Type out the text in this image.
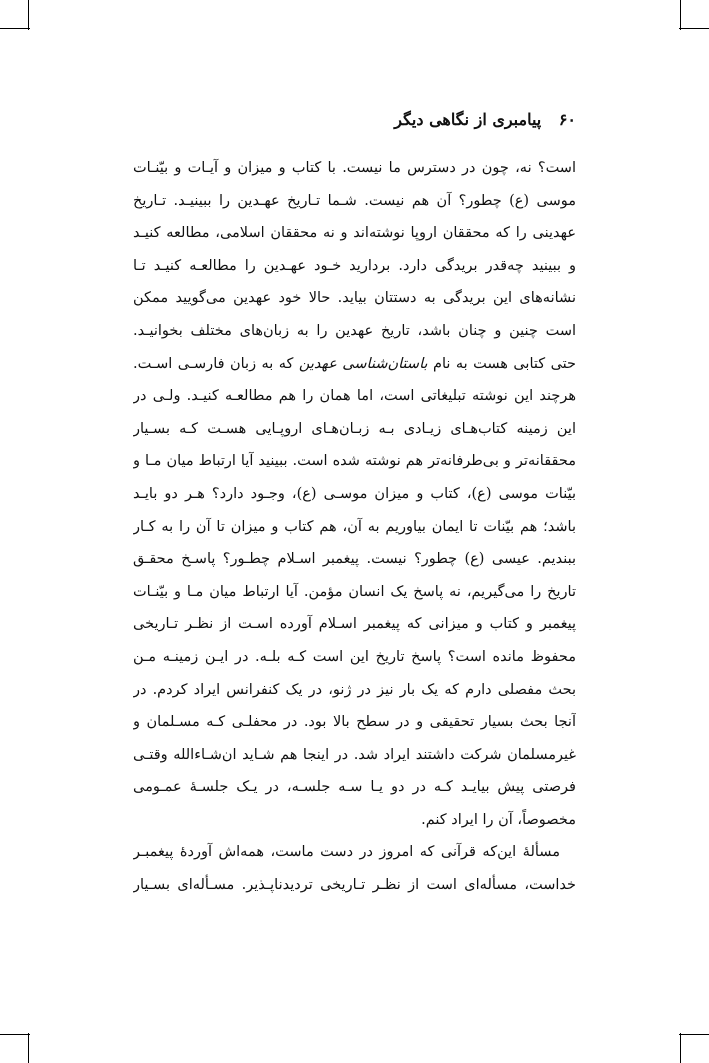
۶۰ پیامبری از نگاهی دیگر
است؟ نه، چون در دسترس ما نیست. با کتاب و میزان و آیـات و بیّنـات
موسی (ع) چطور؟ آن هم نیست. شـما تـاریخ عهـدین را ببینیـد. تـاریخ
عهدینی را که محققان اروپا نوشته‌اند و نه محققان اسلامی، مطالعه کنیـد
و ببینید چه‌قدر بریدگی دارد. بردارید خـود عهـدین را مطالعـه کنیـد تـا
نشانه‌های این بریدگی به دستتان بیاید. حالا خود عهدین می‌گویید ممکن
است چنین و چنان باشد، تاریخ عهدین را به زبان‌های مختلف بخوانیـد.
حتی کتابی هست به نام باستان‌شناسی عهدین که به زبان فارسـی اسـت.
هرچند این نوشته تبلیغاتی است، اما همان را هم مطالعـه کنیـد. ولـی در
این زمینه کتاب‌هـای زیـادی بـه زبـان‌هـای اروپـایی هسـت کـه بسـیار
محققانه‌تر و بی‌طرفانه‌تر هم نوشته شده است. ببینید آیا ارتباط میان مـا و
بیّنات موسی (ع)، کتاب و میزان موسـی (ع)، وجـود دارد؟ هـر دو بایـد
باشد؛ هم بیّنات تا ایمان بیاوریم به آن، هم کتاب و میزان تا آن را به کـار
ببندیم. عیسی (ع) چطور؟ نیست. پیغمبر اسـلام چطـور؟ پاسـخ محقـق
تاریخ را می‌گیریم، نه پاسخ یک انسان مؤمن. آیا ارتباط میان مـا و بیّنـات
پیغمبر و کتاب و میزانی که پیغمبر اسـلام آورده اسـت از نظـر تـاریخی
محفوظ مانده است؟ پاسخ تاریخ این است کـه بلـه. در ایـن زمینـه مـن
بحث مفصلی دارم که یک بار نیز در ژنو، در یک کنفرانس ایراد کردم. در
آنجا بحث بسیار تحقیقی و در سطح بالا بود. در محفلـی کـه مسـلمان و
غیرمسلمان شرکت داشتند ایراد شد. در اینجا هم شـاید ان‌شـاءالله وقتـی
فرصتی پیش بیایـد کـه در دو یـا سـه جلسـه، در یـک جلسـهٔ عمـومی
مخصوصاً، آن را ایراد کنم.
مسألهٔ این‌که قرآنی که امروز در دست ماست، همه‌اش آوردهٔ پیغمبـر
خداست، مسأله‌ای است از نظـر تـاریخی تردیدناپـذیر. مسـأله‌ای بسـیار
